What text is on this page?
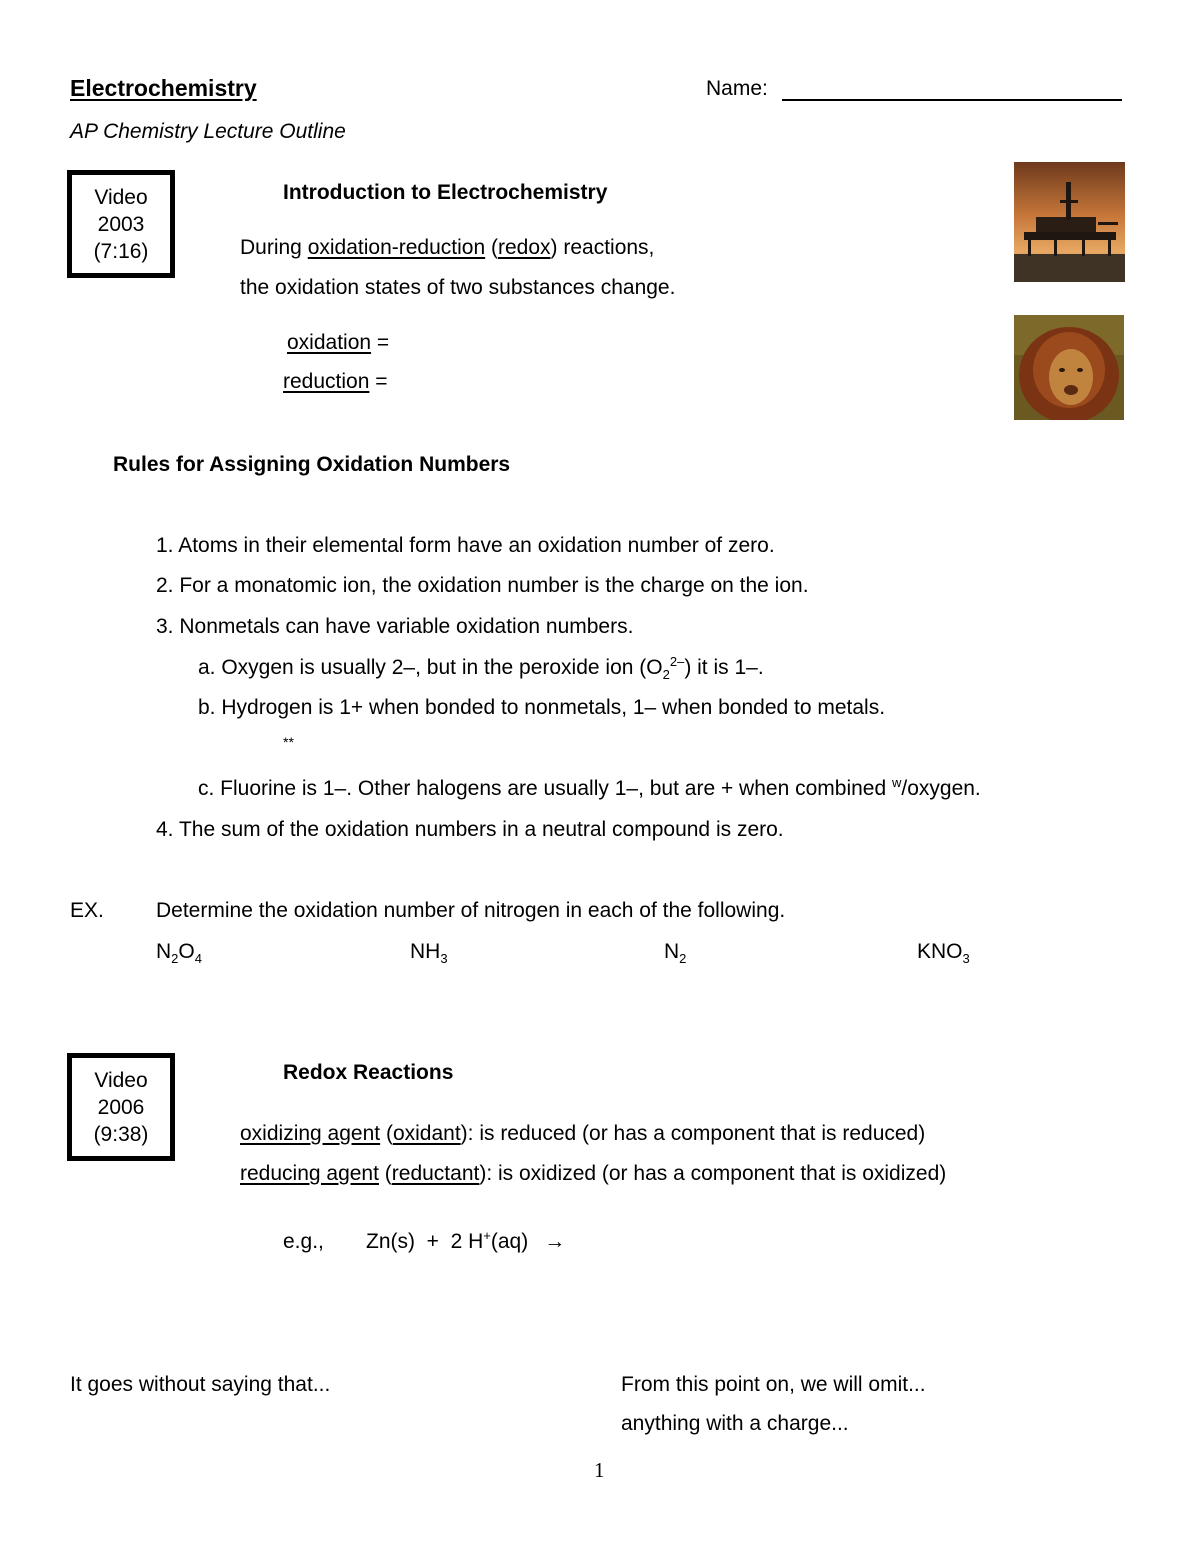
Electrochemistry	Name:
AP Chemistry Lecture Outline
Video
2003
(7:16)
Introduction to Electrochemistry
During oxidation-reduction (redox) reactions,
the oxidation states of two substances change.
oxidation =
reduction =
Rules for Assigning Oxidation Numbers
1. Atoms in their elemental form have an oxidation number of zero.
2. For a monatomic ion, the oxidation number is the charge on the ion.
3. Nonmetals can have variable oxidation numbers.
a. Oxygen is usually 2–, but in the peroxide ion $(O_2^{2-})$ it is 1–.
b. Hydrogen is 1+ when bonded to nonmetals, 1– when bonded to metals.
**
c. Fluorine is 1–. Other halogens are usually 1–, but are + when combined $^w$/oxygen.
4. The sum of the oxidation numbers in a neutral compound is zero.
EX. Determine the oxidation number of nitrogen in each of the following.
$N_2O_4$	$NH_3$	$N_2$	$KNO_3$
Video
2006
(9:38)
Redox Reactions
oxidizing agent (oxidant): is reduced (or has a component that is reduced)
reducing agent (reductant): is oxidized (or has a component that is oxidized)
e.g., Zn(s)  +  2 H+(aq) →
It goes without saying that...	From this point on, we will omit...
anything with a charge...
1
